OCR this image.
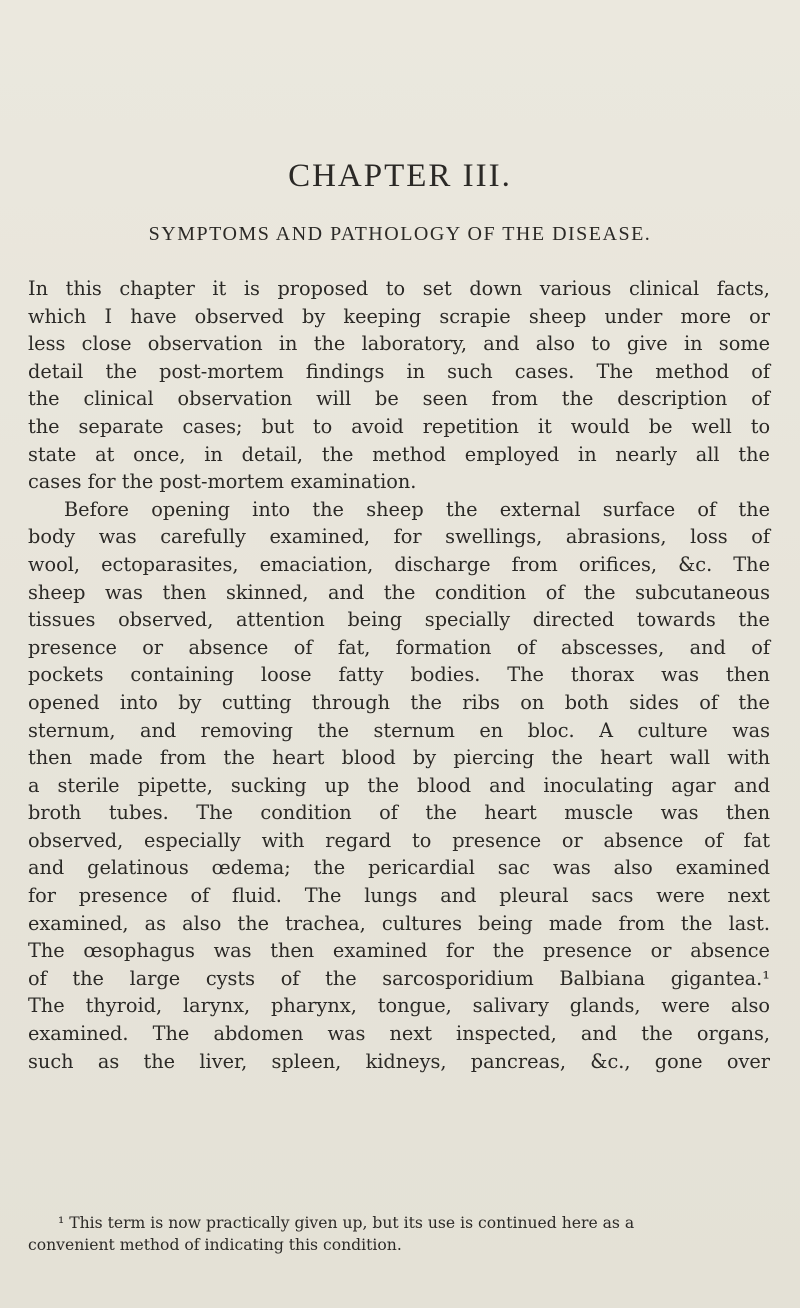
CHAPTER III.
SYMPTOMS AND PATHOLOGY OF THE DISEASE.
In this chapter it is proposed to set down various clinical facts,
which I have observed by keeping scrapie sheep under more or
less close observation in the laboratory, and also to give in some
detail the post-mortem findings in such cases. The method of
the clinical observation will be seen from the description of
the separate cases; but to avoid repetition it would be well to
state at once, in detail, the method employed in nearly all the
cases for the post-mortem examination.
Before opening into the sheep the external surface of the
body was carefully examined, for swellings, abrasions, loss of
wool, ectoparasites, emaciation, discharge from orifices, &c. The
sheep was then skinned, and the condition of the subcutaneous
tissues observed, attention being specially directed towards the
presence or absence of fat, formation of abscesses, and of
pockets containing loose fatty bodies. The thorax was then
opened into by cutting through the ribs on both sides of the
sternum, and removing the sternum en bloc. A culture was
then made from the heart blood by piercing the heart wall with
a sterile pipette, sucking up the blood and inoculating agar and
broth tubes. The condition of the heart muscle was then
observed, especially with regard to presence or absence of fat
and gelatinous œdema; the pericardial sac was also examined
for presence of fluid. The lungs and pleural sacs were next
examined, as also the trachea, cultures being made from the last.
The œsophagus was then examined for the presence or absence
of the large cysts of the sarcosporidium Balbiana gigantea.¹
The thyroid, larynx, pharynx, tongue, salivary glands, were also
examined. The abdomen was next inspected, and the organs,
such as the liver, spleen, kidneys, pancreas, &c., gone over
¹ This term is now practically given up, but its use is continued here as a
convenient method of indicating this condition.
